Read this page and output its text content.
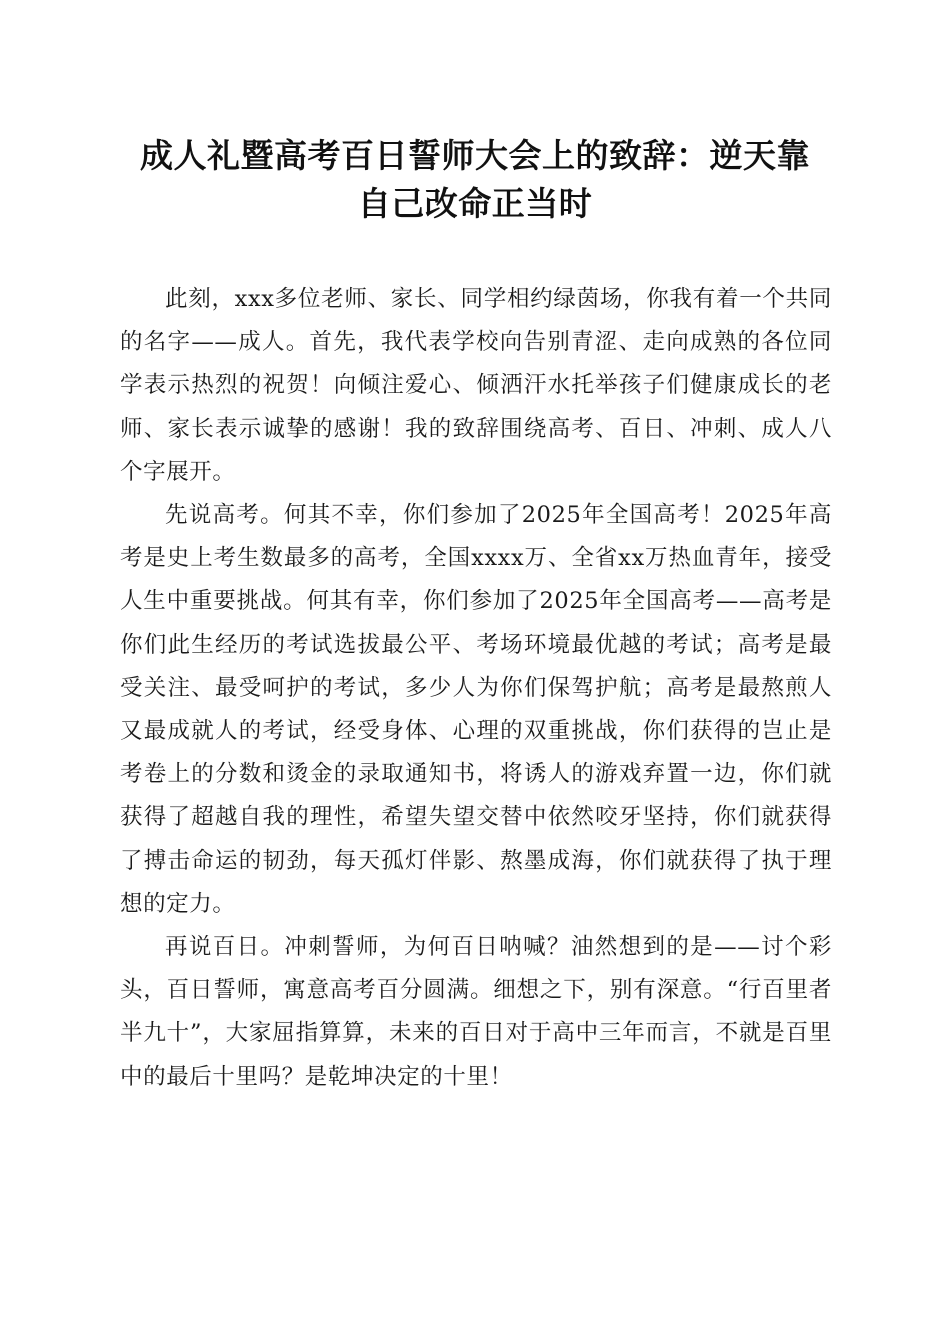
成人礼暨高考百日誓师大会上的致辞：逆天靠
自己改命正当时

此刻，xxx多位老师、家长、同学相约绿茵场，你我有着一个共同的名字——成人。首先，我代表学校向告别青涩、走向成熟的各位同学表示热烈的祝贺！向倾注爱心、倾洒汗水托举孩子们健康成长的老师、家长表示诚挚的感谢！我的致辞围绕高考、百日、冲刺、成人八个字展开。

先说高考。何其不幸，你们参加了2025年全国高考！2025年高考是史上考生数最多的高考，全国xxxx万、全省xx万热血青年，接受人生中重要挑战。何其有幸，你们参加了2025年全国高考——高考是你们此生经历的考试选拔最公平、考场环境最优越的考试；高考是最受关注、最受呵护的考试，多少人为你们保驾护航；高考是最熬煎人又最成就人的考试，经受身体、心理的双重挑战，你们获得的岂止是考卷上的分数和烫金的录取通知书，将诱人的游戏弃置一边，你们就获得了超越自我的理性，希望失望交替中依然咬牙坚持，你们就获得了搏击命运的韧劲，每天孤灯伴影、熬墨成海，你们就获得了执于理想的定力。

再说百日。冲刺誓师，为何百日呐喊？油然想到的是——讨个彩头，百日誓师，寓意高考百分圆满。细想之下，别有深意。“行百里者半九十”，大家屈指算算，未来的百日对于高中三年而言，不就是百里中的最后十里吗？是乾坤决定的十里！
